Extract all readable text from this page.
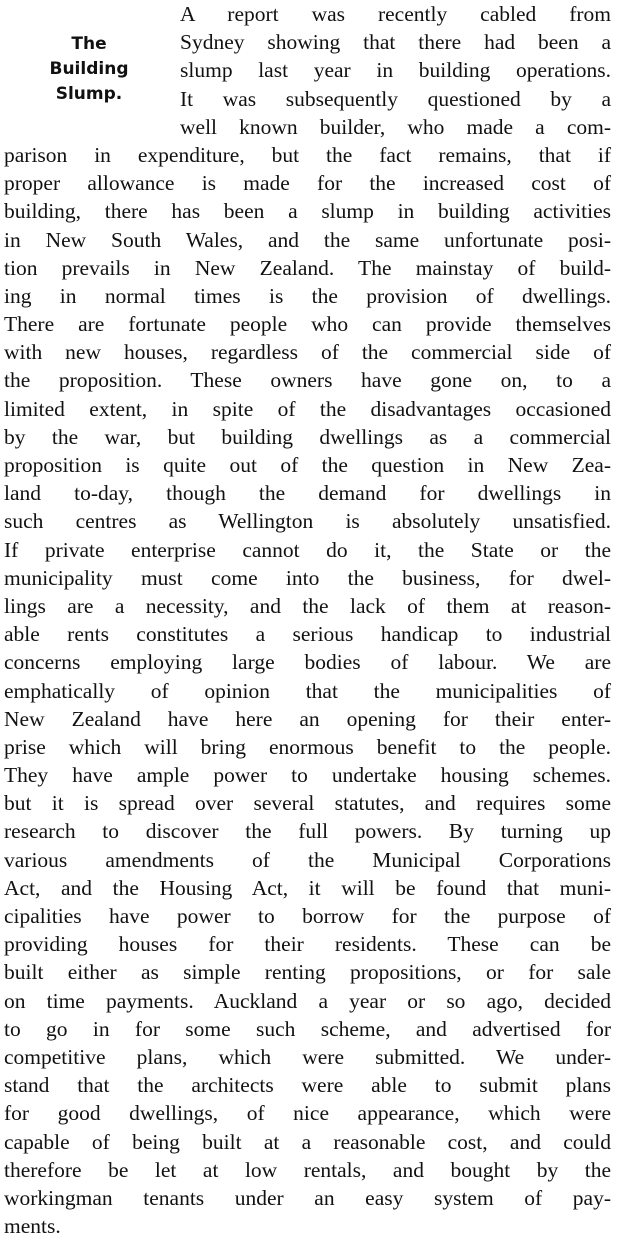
The
Building
Slump.
A report was recently cabled from
Sydney showing that there had been a
slump last year in building operations.
It was subsequently questioned by a
well known builder, who made a com-
parison in expenditure, but the fact remains, that if
proper allowance is made for the increased cost of
building, there has been a slump in building activities
in New South Wales, and the same unfortunate posi-
tion prevails in New Zealand. The mainstay of build-
ing in normal times is the provision of dwellings.
There are fortunate people who can provide themselves
with new houses, regardless of the commercial side of
the proposition. These owners have gone on, to a
limited extent, in spite of the disadvantages occasioned
by the war, but building dwellings as a commercial
proposition is quite out of the question in New Zea-
land to-day, though the demand for dwellings in
such centres as Wellington is absolutely unsatisfied.
If private enterprise cannot do it, the State or the
municipality must come into the business, for dwel-
lings are a necessity, and the lack of them at reason-
able rents constitutes a serious handicap to industrial
concerns employing large bodies of labour. We are
emphatically of opinion that the municipalities of
New Zealand have here an opening for their enter-
prise which will bring enormous benefit to the people.
They have ample power to undertake housing schemes.
but it is spread over several statutes, and requires some
research to discover the full powers. By turning up
various amendments of the Municipal Corporations
Act, and the Housing Act, it will be found that muni-
cipalities have power to borrow for the purpose of
providing houses for their residents. These can be
built either as simple renting propositions, or for sale
on time payments. Auckland a year or so ago, decided
to go in for some such scheme, and advertised for
competitive plans, which were submitted. We under-
stand that the architects were able to submit plans
for good dwellings, of nice appearance, which were
capable of being built at a reasonable cost, and could
therefore be let at low rentals, and bought by the
workingman tenants under an easy system of pay-
ments.
